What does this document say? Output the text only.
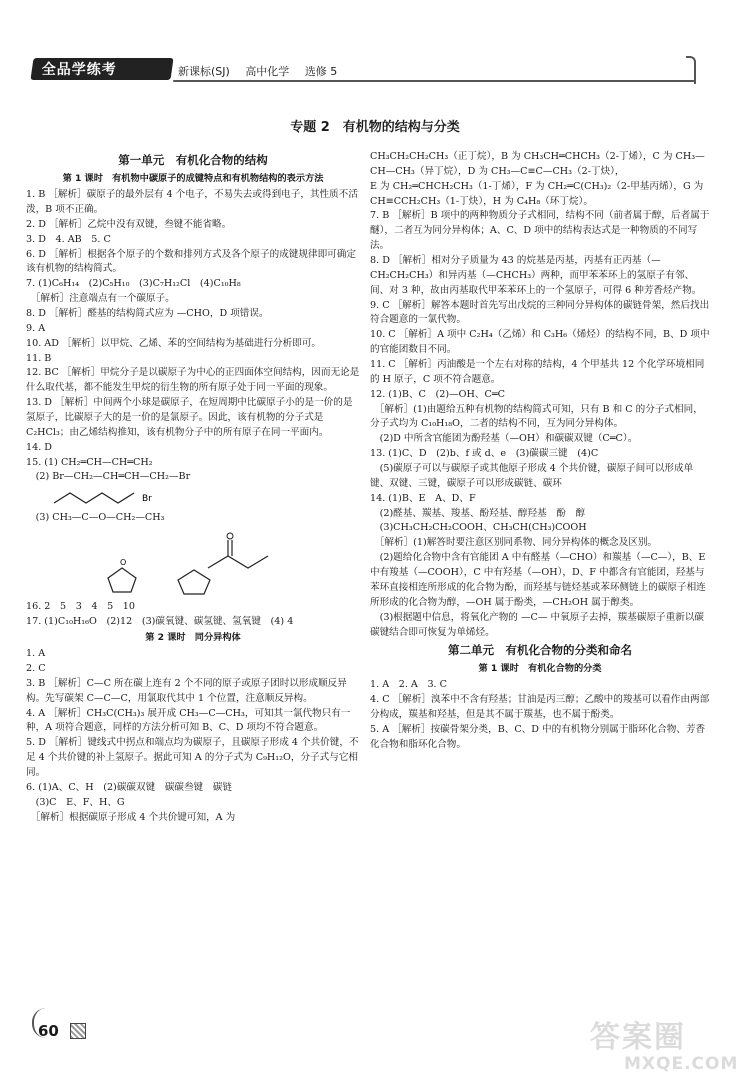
全品学练考	新课标(SJ) 高中化学 选修 5
专题 2　有机物的结构与分类
第一单元　有机化合物的结构
第 1 课时　有机物中碳原子的成键特点和有机物结构的表示方法

1. B ［解析］碳原子的最外层有 4 个电子，不易失去或得到电子，其性质不活泼，B 项不正确。

2. D ［解析］乙烷中没有双键，叁键不能省略。

3. D　4. AB　5. C

6. D ［解析］根据各个原子的个数和排列方式及各个原子的成键规律即可确定该有机物的结构简式。

7. (1)C₆H₁₄　(2)C₅H₁₀　(3)C₇H₁₂Cl　(4)C₁₀H₈

　［解析］注意端点有一个碳原子。

8. D ［解析］醛基的结构简式应为 —CHO，D 项错误。

9. A

10. AD ［解析］以甲烷、乙烯、苯的空间结构为基础进行分析即可。

11. B

12. BC ［解析］甲烷分子是以碳原子为中心的正四面体空间结构，因而无论是什么取代基，都不能发生甲烷的衍生物的所有原子处于同一平面的现象。

13. D ［解析］中间两个小球是碳原子，在短周期中比碳原子小的是一价的是氢原子，比碳原子大的是一价的是氯原子。因此，该有机物的分子式是 C₂HCl₃；由乙烯结构推知，该有机物分子中的所有原子在同一平面内。

14. D

15. (1) CH₂═CH—CH═CH₂

　(2) Br—CH₂—CH═CH—CH₂—Br

Br

　(3) CH₃—C—O—CH₂—CH₃

O

16. 2　5　3　4　5　10

17. (1)C₁₀H₁₆O　(2)12　(3)碳氧键、碳氢键、氢氧键　(4) 4

第 2 课时　同分异构体

1. A

2. C

3. B ［解析］C—C 所在碳上连有 2 个不同的原子或原子团时以形成顺反异构。先写碳架 C—C—C，用氯取代其中 1 个位置，注意顺反异构。

4. A ［解析］CH₃C(CH₃)₃ 展开成 CH₃—C—CH₃，可知其一氯代物只有一种，A 项符合题意，同样的方法分析可知 B、C、D 项均不符合题意。

5. D ［解析］键线式中拐点和端点均为碳原子，且碳原子形成 4 个共价键，不足 4 个共价键的补上氢原子。据此可知 A 的分子式为 C₉H₁₂O，分子式与它相同。

6. (1)A、C、H　(2)碳碳双键　碳碳叁键　碳链

　(3)C　E、F、H、G

　［解析］根据碳原子形成 4 个共价键可知，A 为

CH₃CH₂CH₂CH₃（正丁烷），B 为 CH₃CH═CHCH₃（2-丁烯），C 为 CH₃—CH—CH₃（异丁烷），D 为 CH₃—C≡C—CH₃（2-丁炔），

E 为 CH₂═CHCH₂CH₃（1-丁烯），F 为 CH₂═C(CH₃)₂（2-甲基丙烯），G 为 CH≡CCH₂CH₃（1-丁炔），H 为 C₄H₈（环丁烷）。

7. B ［解析］B 项中的两种物质分子式相同，结构不同（前者属于醇，后者属于醚），二者互为同分异构体；A、C、D 项中的结构表达式是一种物质的不同写法。

8. D ［解析］相对分子质量为 43 的烷基是丙基，丙基有正丙基（—CH₂CH₂CH₃）和异丙基（—CHCH₃）两种，而甲苯苯环上的氢原子有邻、间、对 3 种，故由丙基取代甲苯苯环上的一个氢原子，可得 6 种芳香烃产物。

9. C ［解析］解答本题时首先写出戊烷的三种同分异构体的碳链骨架，然后找出符合题意的一氯代物。

10. C ［解析］A 项中 C₂H₄（乙烯）和 C₃H₆（烯烃）的结构不同，B、D 项中的官能团数目不同。

11. C ［解析］丙油酸是一个左右对称的结构，4 个甲基共 12 个化学环境相同的 H 原子，C 项不符合题意。

12. (1)B、C　(2)—OH、C═C

　［解析］(1)由题给五种有机物的结构简式可知，只有 B 和 C 的分子式相同，分子式均为 C₁₀H₁₈O，二者的结构不同，互为同分异构体。

　(2)D 中所含官能团为酚羟基（—OH）和碳碳双键（C═C）。

13. (1)C、D　(2)b、f 或 d、e　(3)碳碳三键　(4)C

　(5)碳原子可以与碳原子或其他原子形成 4 个共价键，碳原子间可以形成单键、双键、三键，碳原子可以形成碳链、碳环

14. (1)B、E　A、D、F

　(2)醛基、羰基、羧基、酚羟基、醇羟基　酚　醇

　(3)CH₃CH₂CH₂COOH、CH₃CH(CH₃)COOH

　［解析］(1)解答时要注意区别同系物、同分异构体的概念及区别。

　(2)题给化合物中含有官能团 A 中有醛基（—CHO）和羰基（—C—），B、E 中有羧基（—COOH），C 中有羟基（—OH），D、F 中都含有官能团，羟基与苯环直接相连所形成的化合物为酚，而羟基与链烃基或苯环侧链上的碳原子相连所形成的化合物为醇，—OH 属于酚类，—CH₂OH 属于醇类。

　(3)根据题中信息，将氧化产物的 —C— 中氧原子去掉，羰基碳原子重新以碳碳键结合即可恢复为单烯烃。

第二单元　有机化合物的分类和命名
第 1 课时　有机化合物的分类

1. A　2. A　3. C

4. C ［解析］溴苯中不含有羟基；甘油是丙三醇；乙酸中的羧基可以看作由两部分构成，羰基和羟基，但是其不属于羰基，也不属于酚类。

5. A ［解析］按碳骨架分类，B、C、D 中的有机物分别属于脂环化合物、芳香化合物和脂环化合物。

60	答案圈
MXQE.COM
